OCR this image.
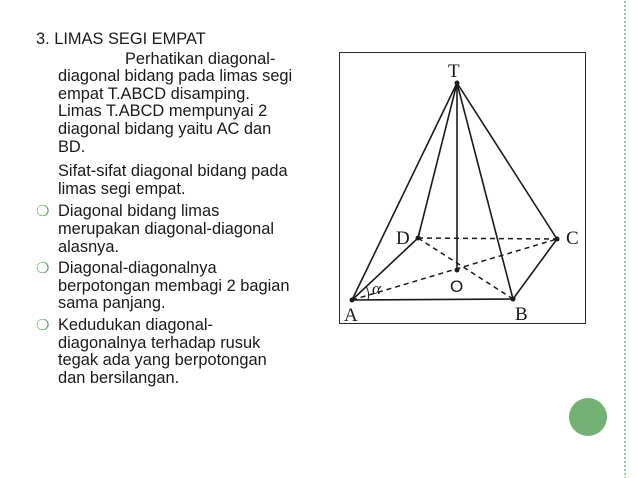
3. LIMAS SEGI EMPAT
Perhatikan diagonal-
diagonal bidang pada limas segi
empat T.ABCD disamping.
Limas T.ABCD mempunyai 2
diagonal bidang yaitu AC dan
BD.
Sifat-sifat diagonal bidang pada
limas segi empat.
❍ Diagonal bidang limas
merupakan diagonal-diagonal
alasnya.
❍ Diagonal-diagonalnya
berpotongan membagi 2 bagian
sama panjang.
❍ Kedudukan diagonal-
diagonalnya terhadap rusuk
tegak ada yang berpotongan
dan bersilangan.
T
A	B
C
D
α	O
